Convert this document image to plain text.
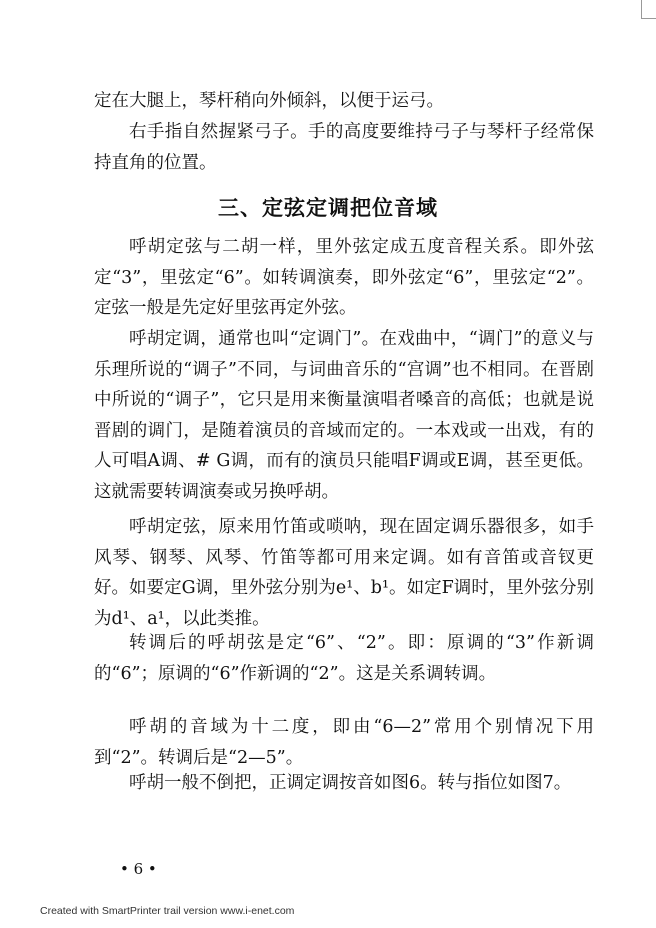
定在大腿上，琴杆稍向外倾斜，以便于运弓。

右手指自然握紧弓子。手的高度要维持弓子与琴杆子经常保持直角的位置。

三、定弦定调把位音域

呼胡定弦与二胡一样，里外弦定成五度音程关系。即外弦定“3”，里弦定“6”。如转调演奏，即外弦定“6”，里弦定“2”。定弦一般是先定好里弦再定外弦。

呼胡定调，通常也叫“定调门”。在戏曲中，“调门”的意义与乐理所说的“调子”不同，与词曲音乐的“宫调”也不相同。在晋剧中所说的“调子”，它只是用来衡量演唱者嗓音的高低；也就是说晋剧的调门，是随着演员的音域而定的。一本戏或一出戏，有的人可唱A调、# G调，而有的演员只能唱F调或E调，甚至更低。这就需要转调演奏或另换呼胡。

呼胡定弦，原来用竹笛或唢呐，现在固定调乐器很多，如手风琴、钢琴、风琴、竹笛等都可用来定调。如有音笛或音钗更好。如要定G调，里外弦分别为e¹、b¹。如定F调时，里外弦分别为d¹、a¹，以此类推。

转调后的呼胡弦是定“6”、“2”。即：原调的“3”作新调的“6”；原调的“6”作新调的“2”。这是关系调转调。

呼胡的音域为十二度，即由“6—2”常用个别情况下用到“2”。转调后是“2—5”。

呼胡一般不倒把，正调定调按音如图6。转与指位如图7。

• 6 •
Created with SmartPrinter trail version www.i-enet.com
